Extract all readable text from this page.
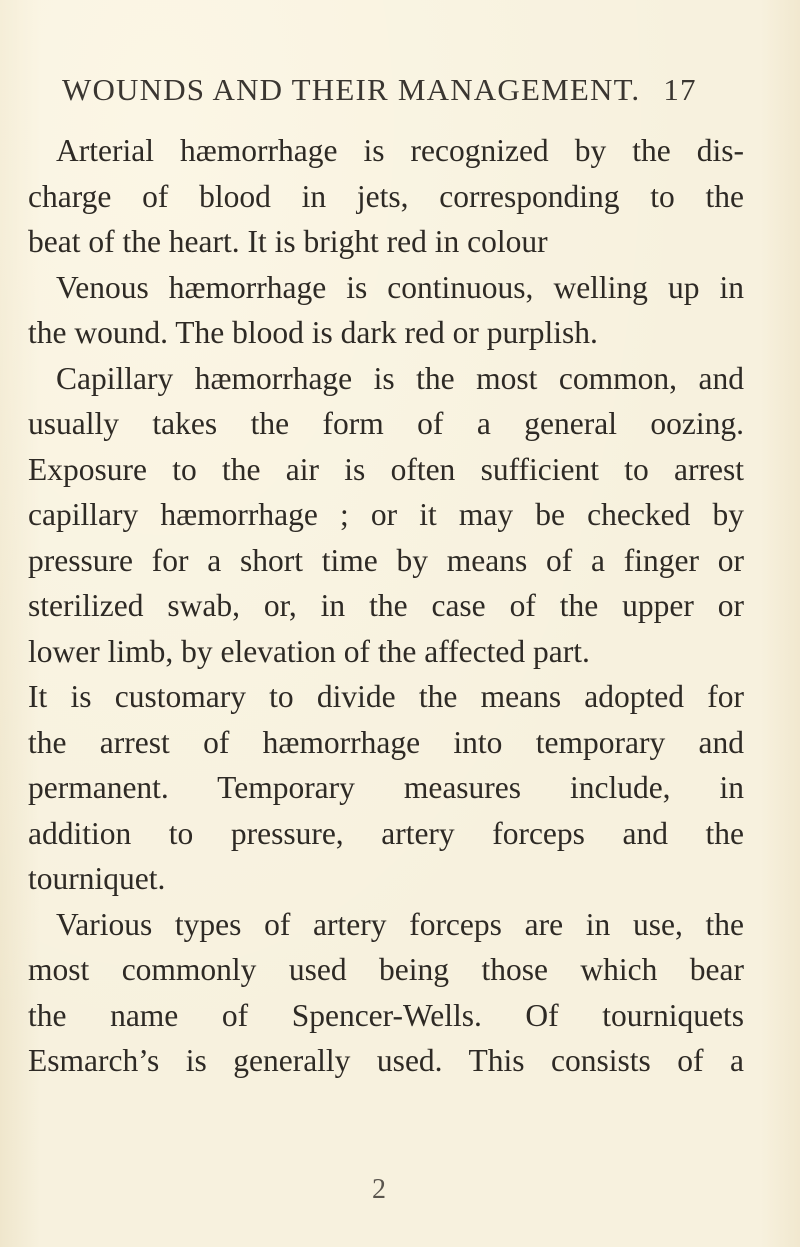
WOUNDS AND THEIR MANAGEMENT. 17
Arterial hæmorrhage is recognized by the dis-
charge of blood in jets, corresponding to the
beat of the heart. It is bright red in colour
Venous hæmorrhage is continuous, welling up in
the wound. The blood is dark red or purplish.
Capillary hæmorrhage is the most common, and
usually takes the form of a general oozing.
Exposure to the air is often sufficient to arrest
capillary hæmorrhage ; or it may be checked by
pressure for a short time by means of a finger or
sterilized swab, or, in the case of the upper or
lower limb, by elevation of the affected part.
It is customary to divide the means adopted for
the arrest of hæmorrhage into temporary and
permanent. Temporary measures include, in
addition to pressure, artery forceps and the
tourniquet.
Various types of artery forceps are in use, the
most commonly used being those which bear
the name of Spencer-Wells. Of tourniquets
Esmarch’s is generally used. This consists of a
2
